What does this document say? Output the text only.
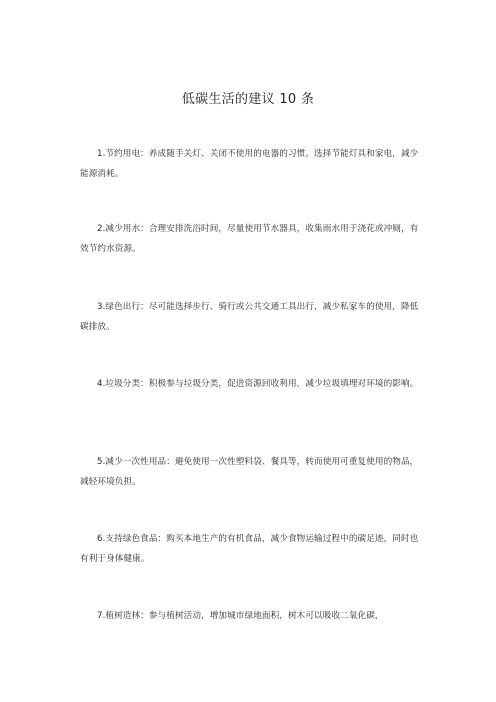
低碳生活的建议 10 条

1.节约用电：养成随手关灯、关闭不使用的电器的习惯。选择节能灯具和家电，减少能源消耗。

2.减少用水：合理安排洗浴时间，尽量使用节水器具，收集雨水用于浇花或冲厕，有效节约水资源。

3.绿色出行：尽可能选择步行、骑行或公共交通工具出行，减少私家车的使用，降低碳排放。

4.垃圾分类：积极参与垃圾分类，促进资源回收利用，减少垃圾填埋对环境的影响。

5.减少一次性用品：避免使用一次性塑料袋、餐具等，转而使用可重复使用的物品，减轻环境负担。

6.支持绿色食品：购买本地生产的有机食品，减少食物运输过程中的碳足迹，同时也有利于身体健康。

7.植树造林：参与植树活动，增加城市绿地面积，树木可以吸收二氧化碳，
